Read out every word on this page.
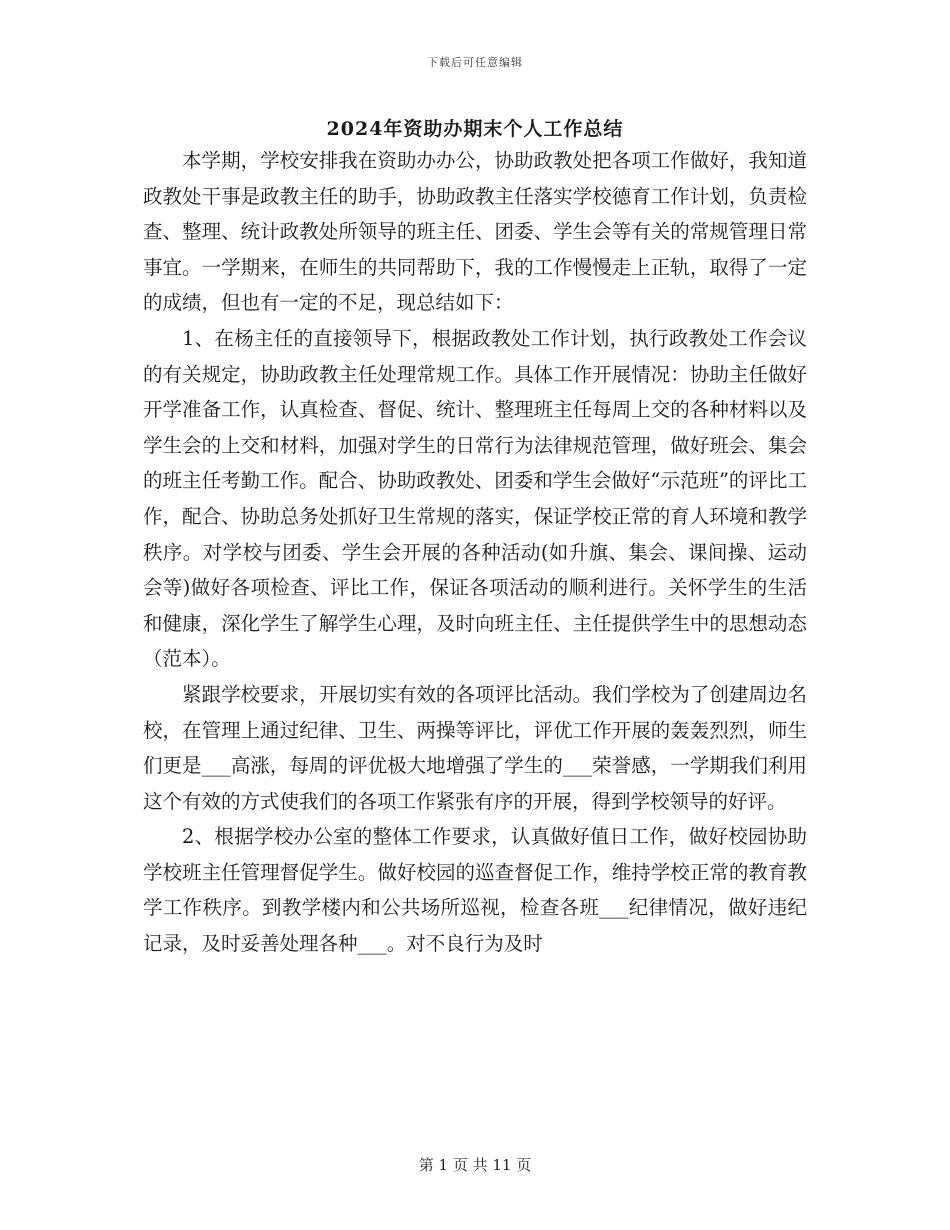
下载后可任意编辑
2024年资助办期末个人工作总结

本学期，学校安排我在资助办办公，协助政教处把各项工作做好，我知道政教处干事是政教主任的助手，协助政教主任落实学校德育工作计划，负责检查、整理、统计政教处所领导的班主任、团委、学生会等有关的常规管理日常事宜。一学期来，在师生的共同帮助下，我的工作慢慢走上正轨，取得了一定的成绩，但也有一定的不足，现总结如下：

1、在杨主任的直接领导下，根据政教处工作计划，执行政教处工作会议的有关规定，协助政教主任处理常规工作。具体工作开展情况：协助主任做好开学准备工作，认真检查、督促、统计、整理班主任每周上交的各种材料以及学生会的上交和材料，加强对学生的日常行为法律规范管理，做好班会、集会的班主任考勤工作。配合、协助政教处、团委和学生会做好“示范班”的评比工作，配合、协助总务处抓好卫生常规的落实，保证学校正常的育人环境和教学秩序。对学校与团委、学生会开展的各种活动(如升旗、集会、课间操、运动会等)做好各项检查、评比工作，保证各项活动的顺利进行。关怀学生的生活和健康，深化学生了解学生心理，及时向班主任、主任提供学生中的思想动态（范本）。

紧跟学校要求，开展切实有效的各项评比活动。我们学校为了创建周边名校，在管理上通过纪律、卫生、两操等评比，评优工作开展的轰轰烈烈，师生们更是___高涨，每周的评优极大地增强了学生的___荣誉感，一学期我们利用这个有效的方式使我们的各项工作紧张有序的开展，得到学校领导的好评。

2、根据学校办公室的整体工作要求，认真做好值日工作，做好校园协助学校班主任管理督促学生。做好校园的巡查督促工作，维持学校正常的教育教学工作秩序。到教学楼内和公共场所巡视，检查各班___纪律情况，做好违纪记录，及时妥善处理各种___。对不良行为及时

第 1 页 共 11 页
